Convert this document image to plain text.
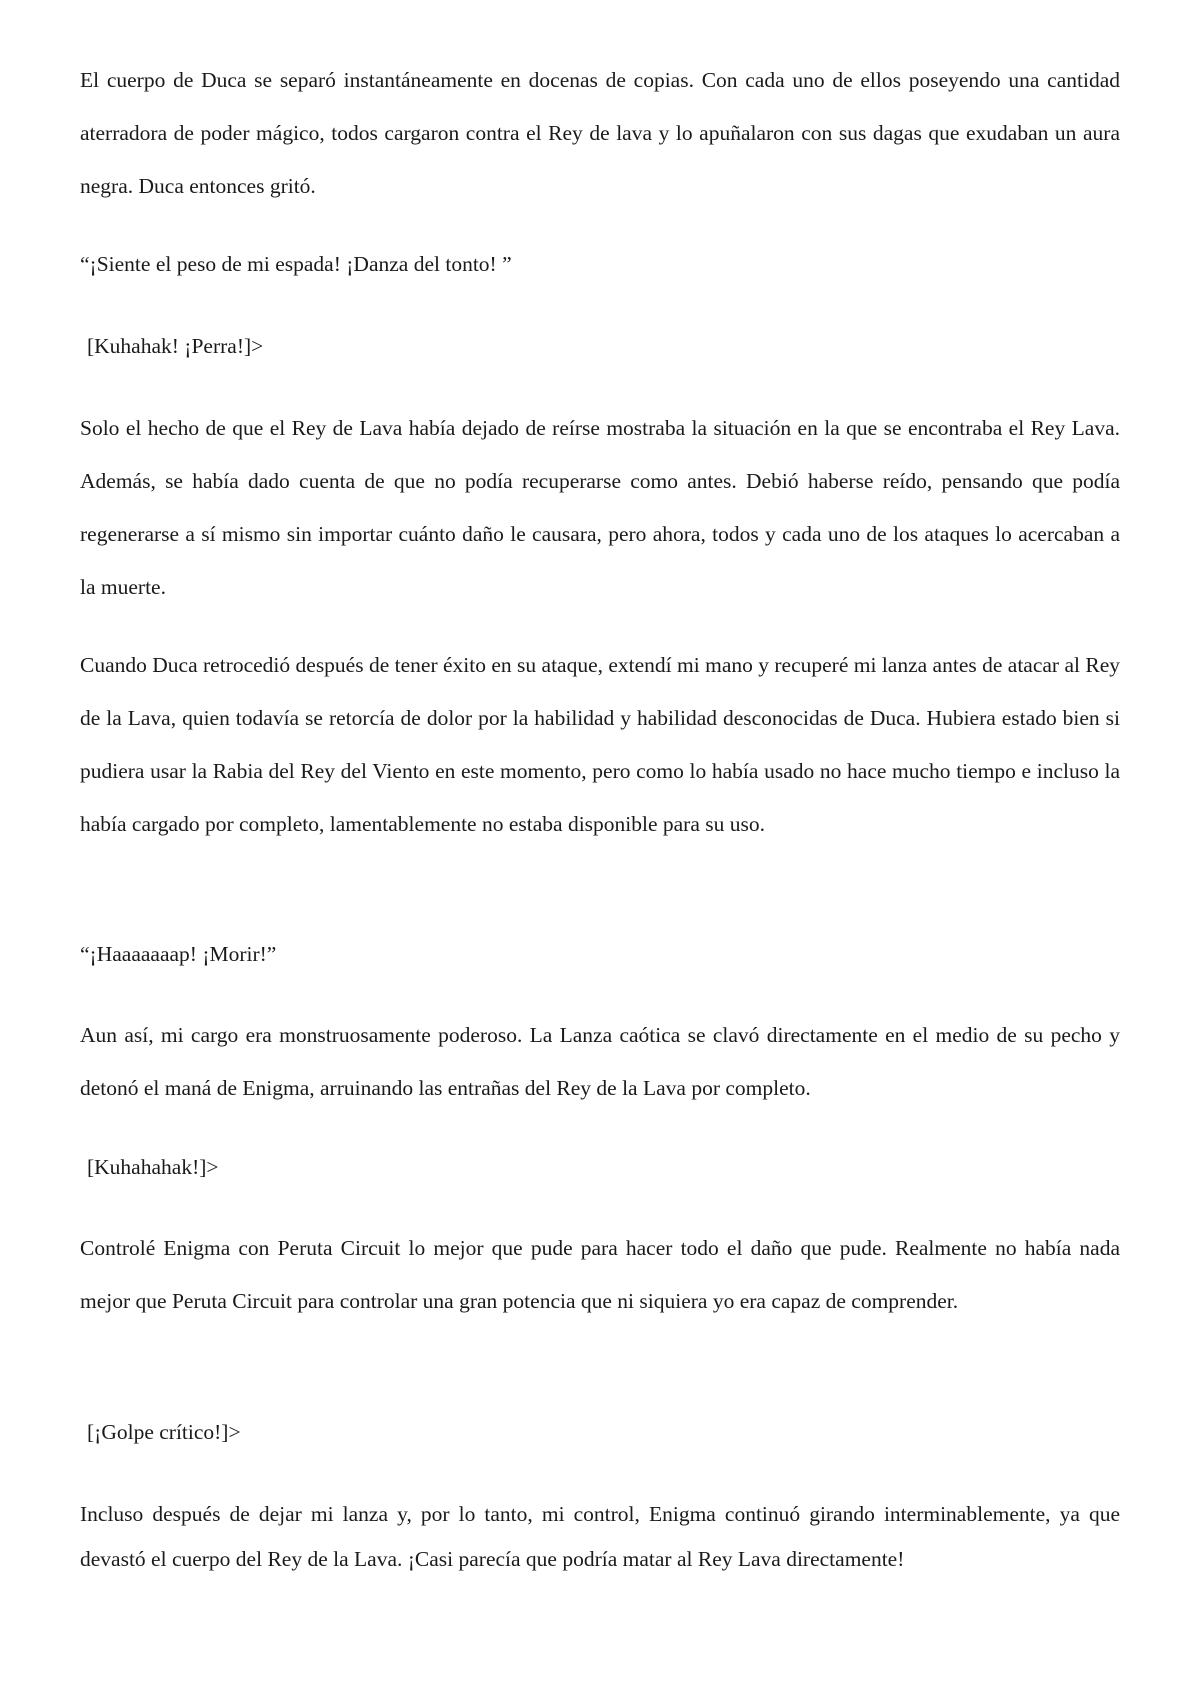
El cuerpo de Duca se separó instantáneamente en docenas de copias. Con cada uno de ellos poseyendo una cantidad aterradora de poder mágico, todos cargaron contra el Rey de lava y lo apuñalaron con sus dagas que exudaban un aura negra. Duca entonces gritó.

“¡Siente el peso de mi espada! ¡Danza del tonto! ”

[Kuhahak! ¡Perra!]>

Solo el hecho de que el Rey de Lava había dejado de reírse mostraba la situación en la que se encontraba el Rey Lava. Además, se había dado cuenta de que no podía recuperarse como antes. Debió haberse reído, pensando que podía regenerarse a sí mismo sin importar cuánto daño le causara, pero ahora, todos y cada uno de los ataques lo acercaban a la muerte.

Cuando Duca retrocedió después de tener éxito en su ataque, extendí mi mano y recuperé mi lanza antes de atacar al Rey de la Lava, quien todavía se retorcía de dolor por la habilidad y habilidad desconocidas de Duca. Hubiera estado bien si pudiera usar la Rabia del Rey del Viento en este momento, pero como lo había usado no hace mucho tiempo e incluso la había cargado por completo, lamentablemente no estaba disponible para su uso.

“¡Haaaaaaap! ¡Morir!”

Aun así, mi cargo era monstruosamente poderoso. La Lanza caótica se clavó directamente en el medio de su pecho y detonó el maná de Enigma, arruinando las entrañas del Rey de la Lava por completo.

[Kuhahahak!]>

Controlé Enigma con Peruta Circuit lo mejor que pude para hacer todo el daño que pude. Realmente no había nada mejor que Peruta Circuit para controlar una gran potencia que ni siquiera yo era capaz de comprender.

[¡Golpe crítico!]>

Incluso después de dejar mi lanza y, por lo tanto, mi control, Enigma continuó girando interminablemente, ya que devastó el cuerpo del Rey de la Lava. ¡Casi parecía que podría matar al Rey Lava directamente!
